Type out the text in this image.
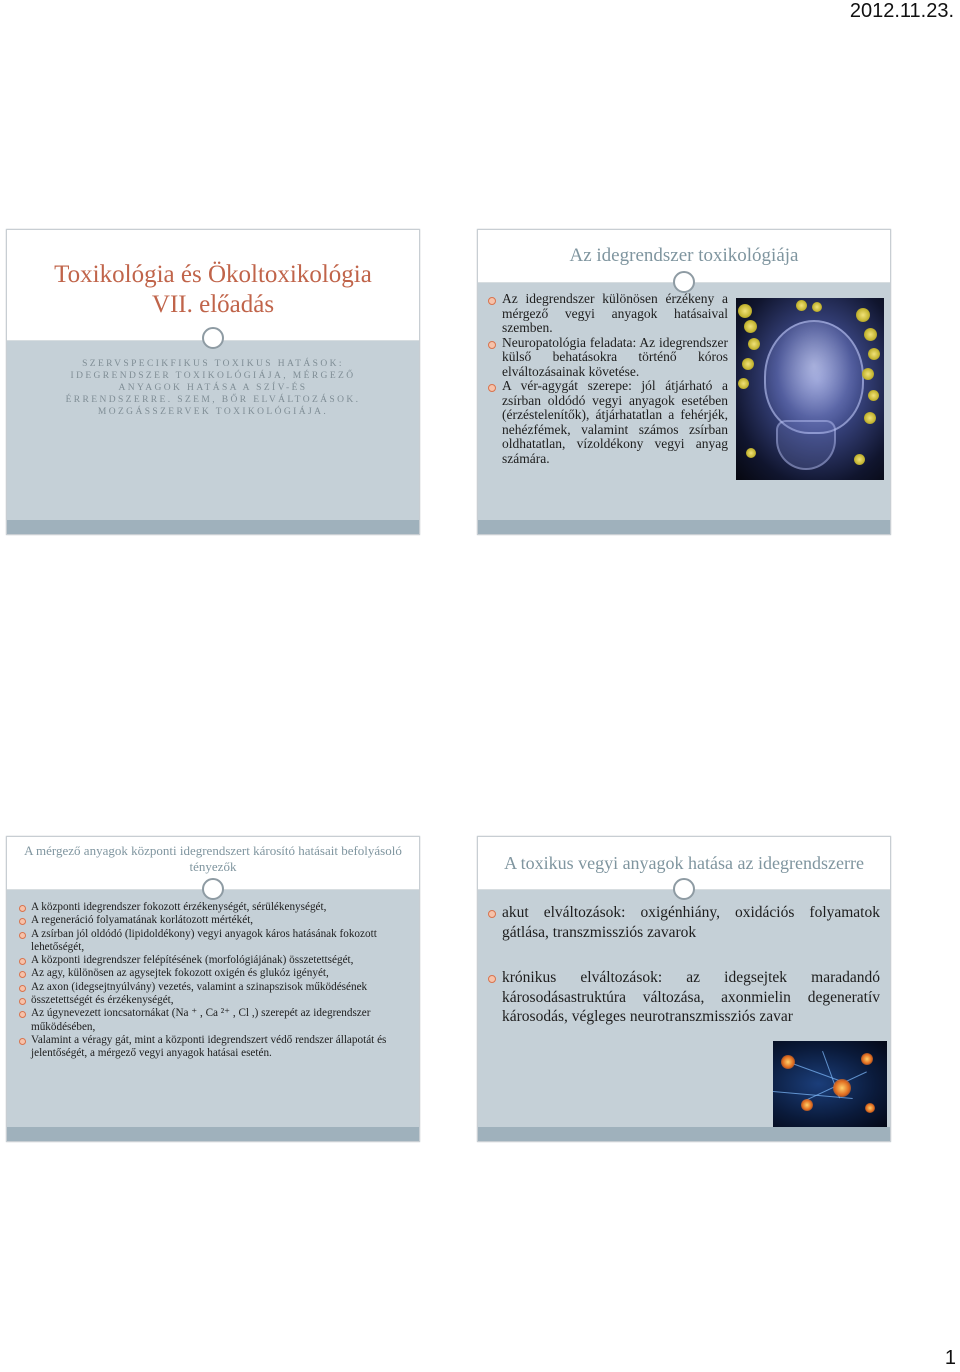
2012.11.23.
Toxikológia és Ökoltoxikológia
VII. előadás
SZERVSPECIKFIKUS TOXIKUS HATÁSOK: IDEGRENDSZER TOXIKOLÓGIÁJA, MÉRGEZŐ ANYAGOK HATÁSA A SZÍV-ÉS ÉRRENDSZERRE. SZEM, BŐR ELVÁLTOZÁSOK. MOZGÁSSZERVEK TOXIKOLÓGIÁJA.
Az idegrendszer toxikológiája
Az idegrendszer különösen érzékeny a mérgező vegyi anyagok hatásaival szemben.
Neuropatológia feladata: Az idegrendszer külső behatásokra történő kóros elváltozásainak követése.
A vér-agygát szerepe: jól átjárható a zsírban oldódó vegyi anyagok esetében (érzéstelenítők), átjárhatatlan a fehérjék, nehézfémek, valamint számos zsírban oldhatatlan, vízoldékony vegyi anyag számára.
A mérgező anyagok központi idegrendszert károsító hatásait befolyásoló tényezők
A központi idegrendszer fokozott érzékenységét, sérülékenységét,
A regeneráció folyamatának korlátozott mértékét,
A zsírban jól oldódó (lipidoldékony) vegyi anyagok káros hatásának fokozott lehetőségét,
A központi idegrendszer felépítésének (morfológiájának) összetettségét,
Az agy, különösen az agysejtek fokozott oxigén és glukóz igényét,
Az axon (idegsejtnyúlvány) vezetés, valamint a szinapszisok működésének
összetettségét és érzékenységét,
Az úgynevezett ioncsatornákat (Na ⁺ , Ca ²⁺ , Cl ,) szerepét az idegrendszer működésében,
Valamint a véragy gát, mint a központi idegrendszert védő rendszer állapotát és jelentőségét, a mérgező vegyi anyagok hatásai esetén.
A toxikus vegyi anyagok hatása az idegrendszerre
akut elváltozások: oxigénhiány, oxidációs folyamatok gátlása, transzmissziós zavarok
krónikus elváltozások: az idegsejtek maradandó károsodásastruktúra változása, axonmielin degeneratív károsodás, végleges neurotranszmissziós zavar
1
